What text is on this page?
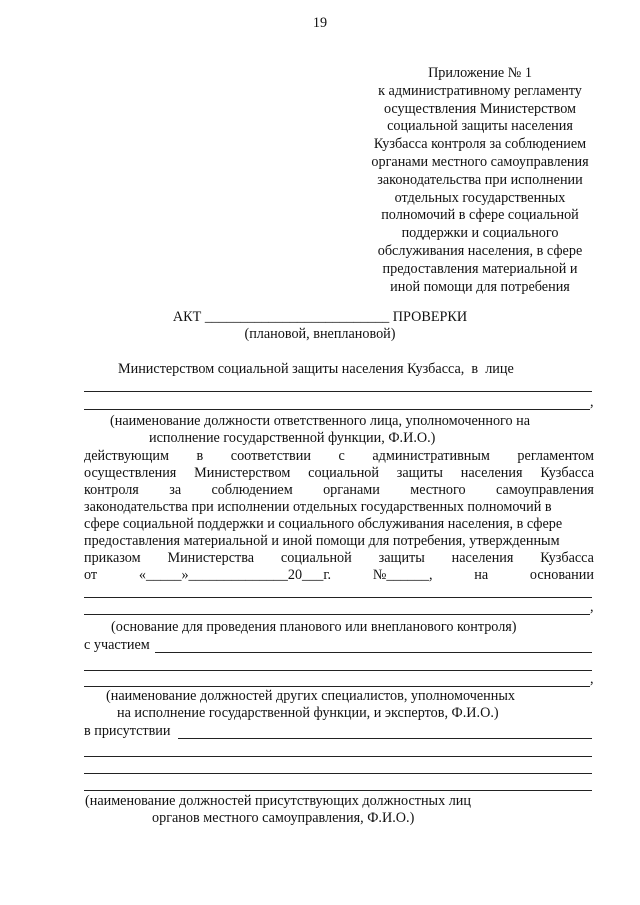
19
Приложение № 1
к административному регламенту
осуществления Министерством
социальной защиты населения
Кузбасса контроля за соблюдением
органами местного самоуправления
законодательства при исполнении
отдельных государственных
полномочий в сфере социальной
поддержки и социального
обслуживания населения, в сфере
предоставления материальной и
иной помощи для потребения
АКТ __________________________ ПРОВЕРКИ
(плановой, внеплановой)
Министерством социальной защиты населения Кузбасса,  в  лице
,
(наименование должности ответственного лица, уполномоченного на
исполнение государственной функции, Ф.И.О.)
действующим в соответствии с административным регламентом
осуществления Министерством социальной защиты населения Кузбасса
контроля за соблюдением органами местного самоуправления
законодательства при исполнении отдельных государственных полномочий в
сфере социальной поддержки и социального обслуживания населения, в сфере
предоставления материальной и иной помощи для потребения, утвержденным
приказом Министерства социальной защиты населения Кузбасса
от	«_____»______________20___г.	№______,	на	основании
,
(основание для проведения планового или внепланового контроля)
с участием
,
(наименование должностей других специалистов, уполномоченных
на исполнение государственной функции, и экспертов, Ф.И.О.)
в присутствии
(наименование должностей присутствующих должностных лиц
органов местного самоуправления, Ф.И.О.)
